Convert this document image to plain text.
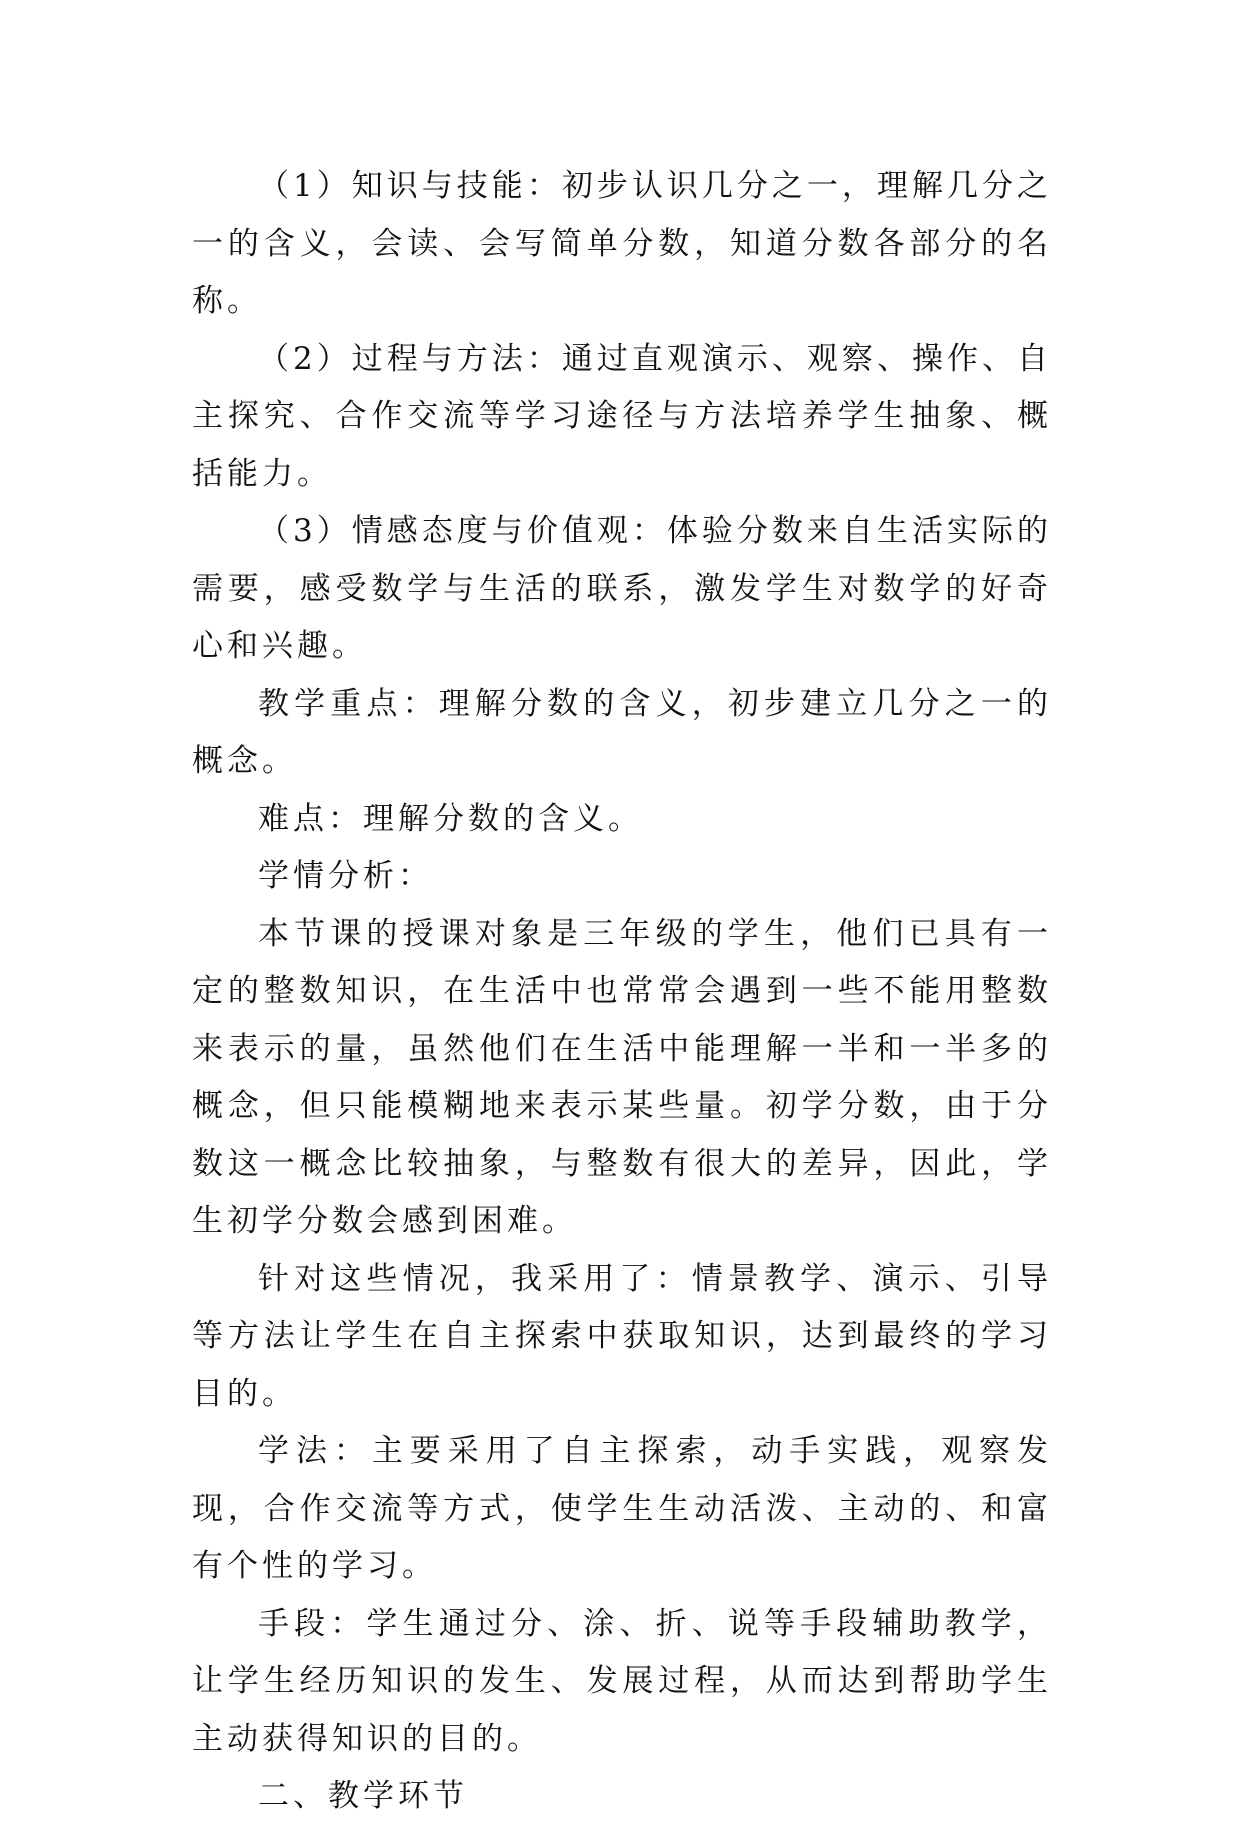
（1）知识与技能：初步认识几分之一，理解几分之一的含义，会读、会写简单分数，知道分数各部分的名称。

（2）过程与方法：通过直观演示、观察、操作、自主探究、合作交流等学习途径与方法培养学生抽象、概括能力。

（3）情感态度与价值观：体验分数来自生活实际的需要，感受数学与生活的联系，激发学生对数学的好奇心和兴趣。

教学重点：理解分数的含义，初步建立几分之一的概念。

难点：理解分数的含义。

学情分析：

本节课的授课对象是三年级的学生，他们已具有一定的整数知识，在生活中也常常会遇到一些不能用整数来表示的量，虽然他们在生活中能理解一半和一半多的概念，但只能模糊地来表示某些量。初学分数，由于分数这一概念比较抽象，与整数有很大的差异，因此，学生初学分数会感到困难。

针对这些情况，我采用了：情景教学、演示、引导等方法让学生在自主探索中获取知识，达到最终的学习目的。

学法：主要采用了自主探索，动手实践，观察发现，合作交流等方式，使学生生动活泼、主动的、和富有个性的学习。

手段：学生通过分、涂、折、说等手段辅助教学，让学生经历知识的发生、发展过程，从而达到帮助学生主动获得知识的目的。

二、教学环节
